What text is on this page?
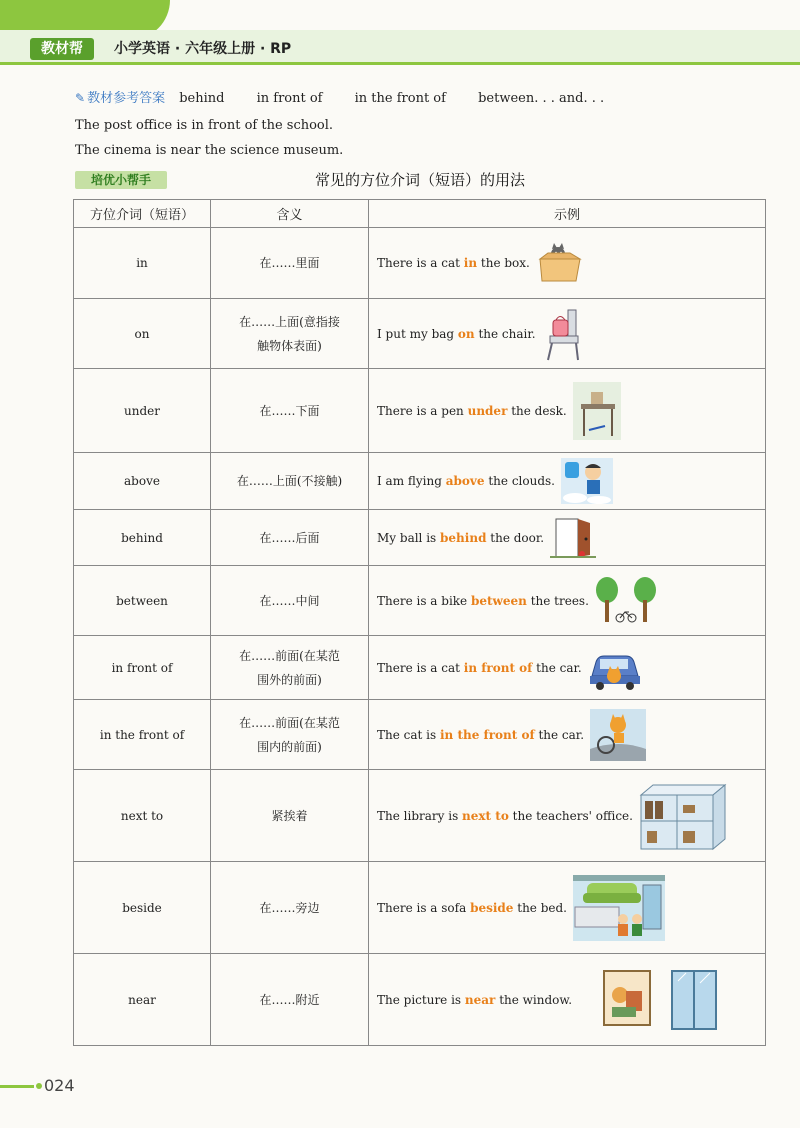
教材帮	小学英语 · 六年级上册 · RP
✎ 教材参考答案 behind in front of in the front of between. . . and. . .
The post office is in front of the school.
The cinema is near the science museum.
培优小帮手	常见的方位介词（短语）的用法
方位介词（短语）	含义	示例
in	在……里面	There is a cat in the box.

on	在……上面(意指接触物体表面)	I put my bag on the chair.

under	在……下面	There is a pen under the desk.

above	在……上面(不接触)	I am flying above the clouds.

behind	在……后面	My ball is behind the door.

between	在……中间	There is a bike between the trees.

in front of	在……前面(在某范围外的前面)	There is a cat in front of the car.

in the front of	在……前面(在某范围内的前面)	The cat is in the front of the car.

next to	紧挨着	The library is next to the teachers' office.

beside	在……旁边	There is a sofa beside the bed.

near	在……附近	The picture is near the window.
024
